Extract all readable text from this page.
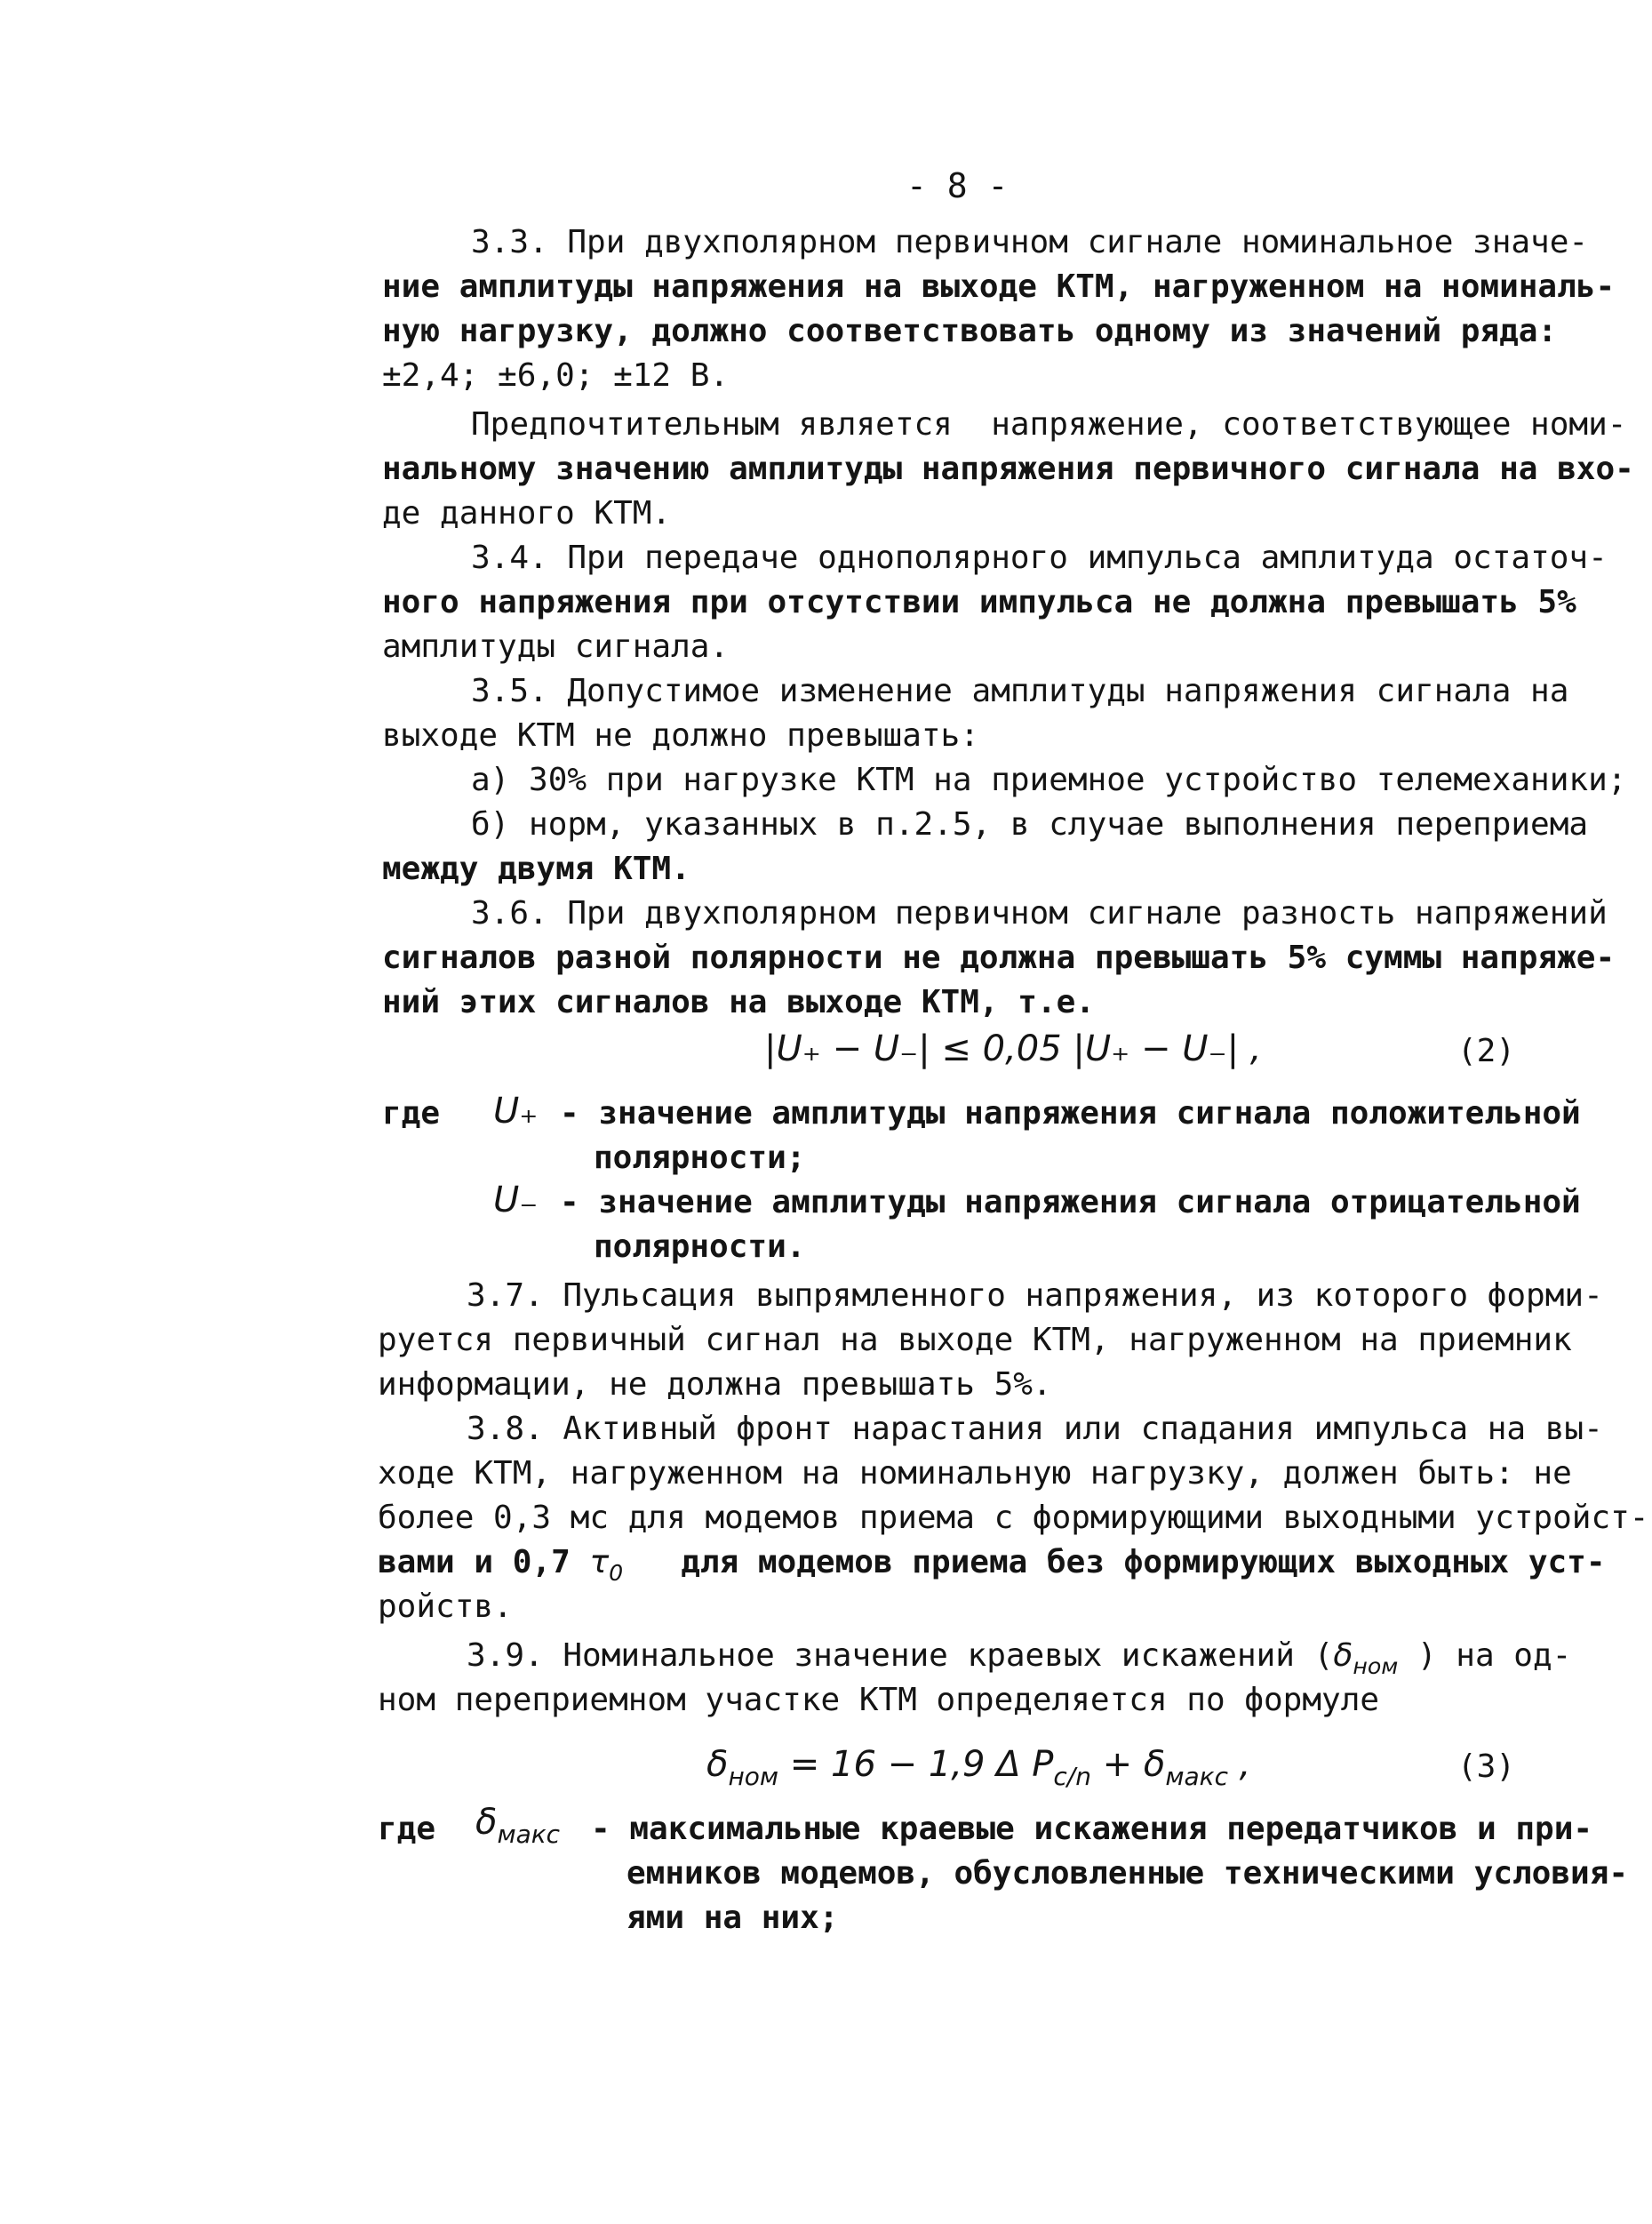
- 8 -
3.3. При двухполярном первичном сигнале номинальное значе-
ние амплитуды напряжения на выходе КТМ, нагруженном на номиналь-
ную нагрузку, должно соответствовать одному из значений ряда:
±2,4; ±6,0; ±12 В.
Предпочтительным является  напряжение, соответствующее номи-
нальному значению амплитуды напряжения первичного сигнала на вхо-
де данного КТМ.
3.4. При передаче однополярного импульса амплитуда остаточ-
ного напряжения при отсутствии импульса не должна превышать 5%
амплитуды сигнала.
3.5. Допустимое изменение амплитуды напряжения сигнала на
выходе КТМ не должно превышать:
а) 30% при нагрузке КТМ на приемное устройство телемеханики;
б) норм, указанных в п.2.5, в случае выполнения переприема
между двумя КТМ.
3.6. При двухполярном первичном сигнале разность напряжений
сигналов разной полярности не должна превышать 5% суммы напряже-
ний этих сигналов на выходе КТМ, т.е.
|U₊ − U₋| ≤ 0,05 |U₊ − U₋| ,	(2)
где U₊ - значение амплитуды напряжения сигнала положительной
полярности;
U₋ - значение амплитуды напряжения сигнала отрицательной
полярности.
3.7. Пульсация выпрямленного напряжения, из которого форми-
руется первичный сигнал на выходе КТМ, нагруженном на приемник
информации, не должна превышать 5%.
3.8. Активный фронт нарастания или спадания импульса на вы-
ходе КТМ, нагруженном на номинальную нагрузку, должен быть: не
более 0,3 мс для модемов приема с формирующими выходными устройст-
вами и 0,7 $\tau_0$ для модемов приема без формирующих выходных уст-
ройств.
3.9. Номинальное значение краевых искажений ($\delta_{ном}$ ) на од-
ном переприемном участке КТМ определяется по формуле
$\delta_{ном} = 16 - 1,9$ Δ $P_{c/n} + \delta_{макс}$ ,	(3)
где $\delta_{макс}$ - максимальные краевые искажения передатчиков и при-
емников модемов, обусловленные техническими условия-
ями на них;
